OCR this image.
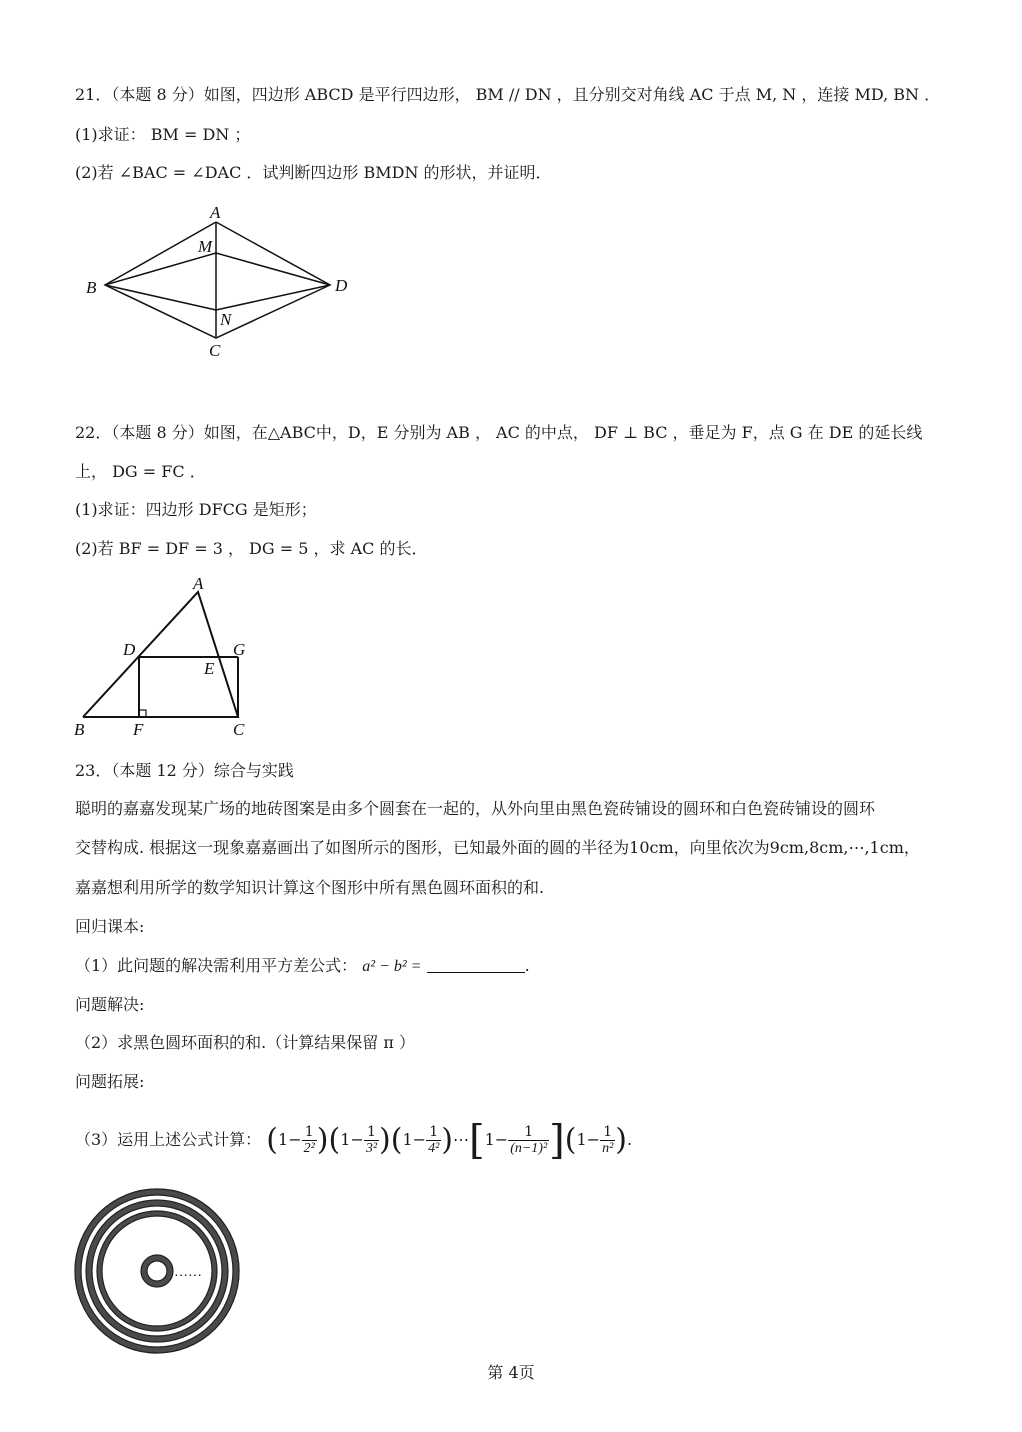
21．（本题 8 分）如图，四边形 ABCD 是平行四边形， BM // DN ，且分别交对角线 AC 于点 M, N ，连接 MD, BN ．
(1)求证： BM = DN ；
(2)若 ∠BAC = ∠DAC ．试判断四边形 BMDN 的形状，并证明．
A
M
B	D
N
C
22．（本题 8 分）如图，在△ABC中，D，E 分别为 AB ， AC 的中点， DF ⊥ BC ，垂足为 F，点 G 在 DE 的延长线
上， DG = FC ．
(1)求证：四边形 DFCG 是矩形；
(2)若 BF = DF = 3 ， DG = 5 ，求 AC 的长．
A
D	G
E
B	F	C
23．（本题 12 分）综合与实践
聪明的嘉嘉发现某广场的地砖图案是由多个圆套在一起的，从外向里由黑色瓷砖铺设的圆环和白色瓷砖铺设的圆环
交替构成. 根据这一现象嘉嘉画出了如图所示的图形，已知最外面的圆的半径为10cm，向里依次为9cm,8cm,⋯,1cm，
嘉嘉想利用所学的数学知识计算这个图形中所有黑色圆环面积的和.
回归课本:
（1）此问题的解决需利用平方差公式： a² − b² =	.
问题解决:
（2）求黑色圆环面积的和.（计算结果保留 π ）
问题拓展:
（3）运用上述公式计算： $(1- \frac{1}{\text{2²}} )(1- \frac{1}{\text{3²}} )(1- \frac{1}{\text{4²}}$ )⋯[1− $\frac{1}{\text{(n−1)²}} ](1- \frac{1}{\text{n²}}$ ).
……
第 4页
